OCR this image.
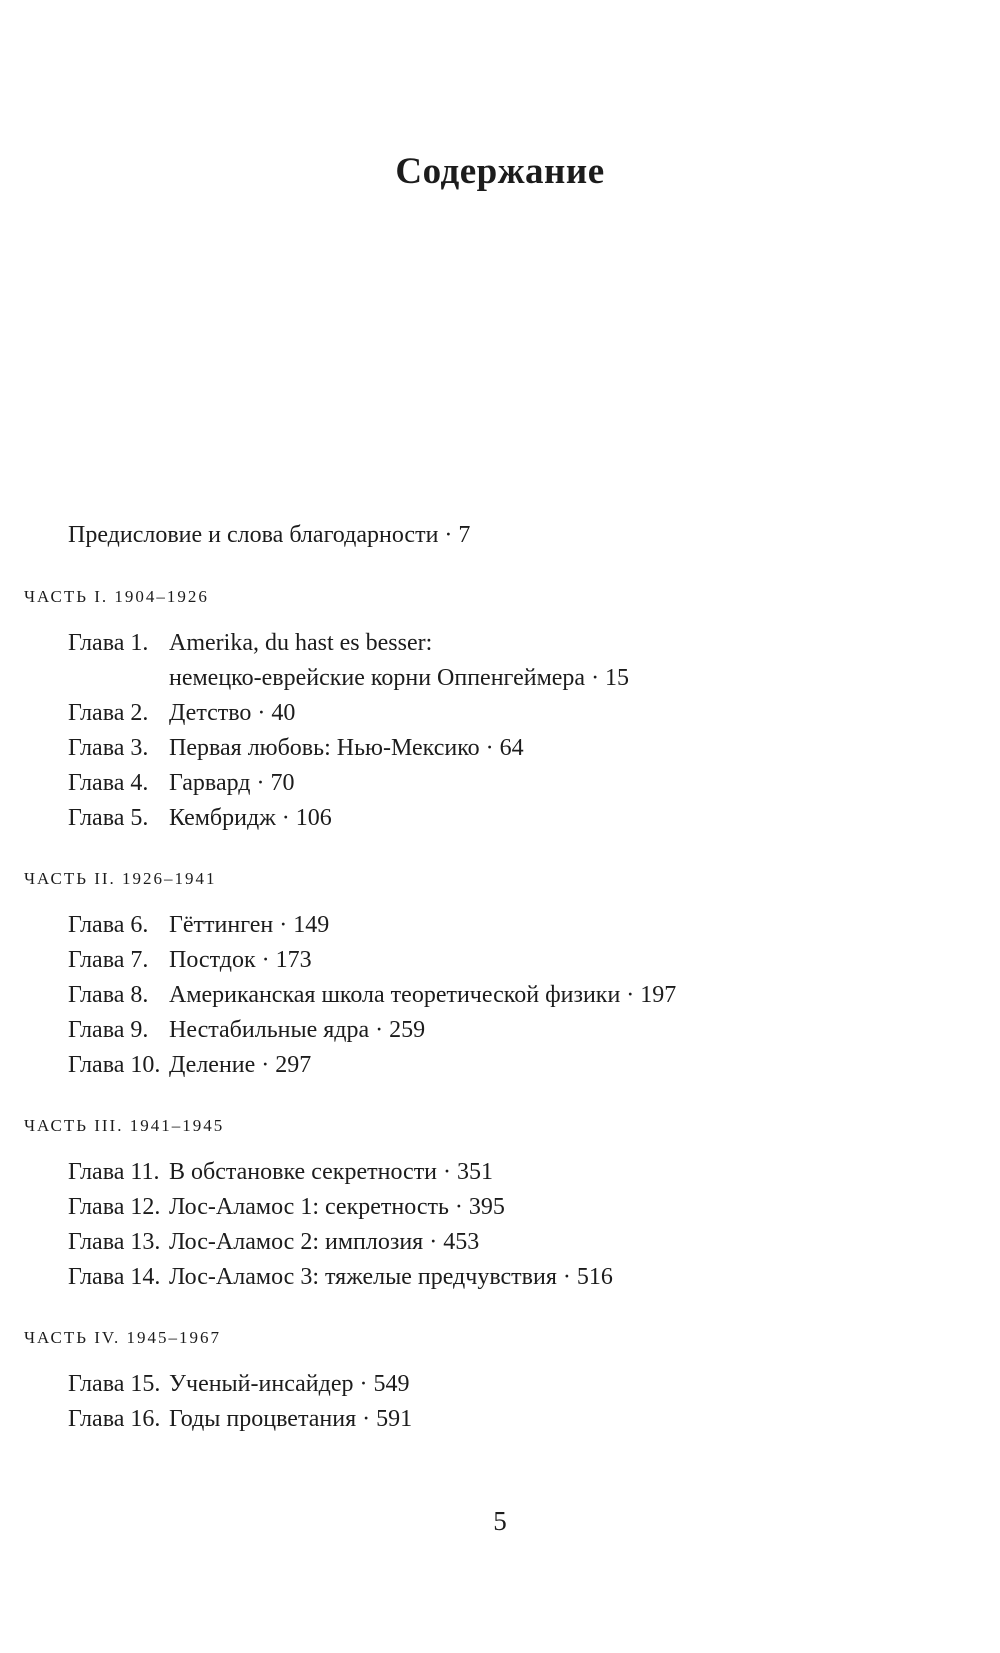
Содержание
Предисловие и слова благодарности · 7
ЧАСТЬ I. 1904–1926
Глава 1. Amerika, du hast es besser:
немецко-еврейские корни Оппенгеймера · 15
Глава 2. Детство · 40
Глава 3. Первая любовь: Нью-Мексико · 64
Глава 4. Гарвард · 70
Глава 5. Кембридж · 106
ЧАСТЬ II. 1926–1941
Глава 6. Гёттинген · 149
Глава 7. Постдок · 173
Глава 8. Американская школа теоретической физики · 197
Глава 9. Нестабильные ядра · 259
Глава 10. Деление · 297
ЧАСТЬ III. 1941–1945
Глава 11. В обстановке секретности · 351
Глава 12. Лос-Аламос 1: секретность · 395
Глава 13. Лос-Аламос 2: имплозия · 453
Глава 14. Лос-Аламос 3: тяжелые предчувствия · 516
ЧАСТЬ IV. 1945–1967
Глава 15. Ученый-инсайдер · 549
Глава 16. Годы процветания · 591
5
